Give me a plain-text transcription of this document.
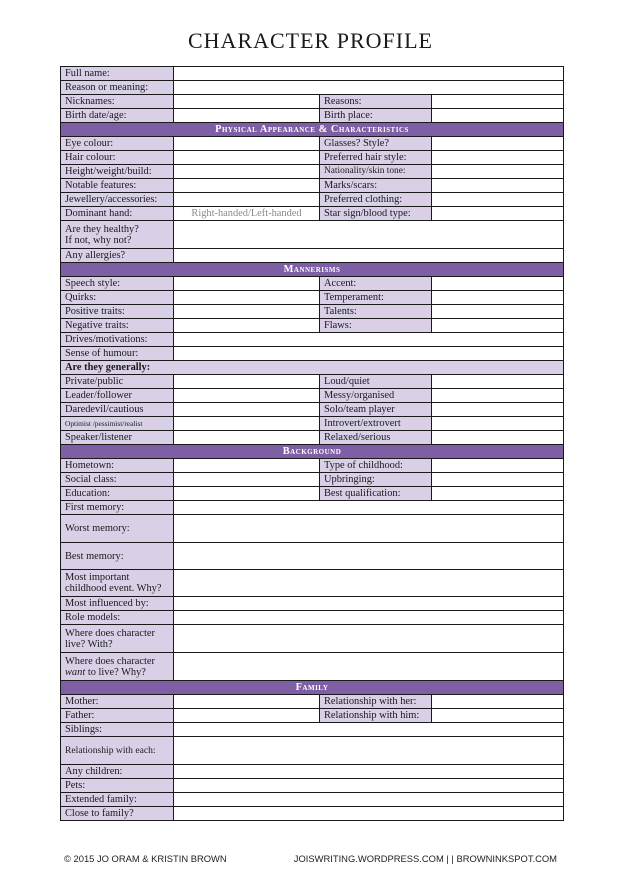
CHARACTER PROFILE
Full name:			
Reason or meaning:			
Nicknames:		Reasons:	
Birth date/age:		Birth place:	
Physical Appearance & Characteristics			
Eye colour:		Glasses? Style?	
Hair colour:		Preferred hair style:	
Height/weight/build:		Nationality/skin tone:	
Notable features:		Marks/scars:	
Jewellery/accessories:		Preferred clothing:	
Dominant hand:	Right-handed/Left-handed	Star sign/blood type:	
Are they healthy?
If not, why not?			
Any allergies?			
Mannerisms			
Speech style:		Accent:	
Quirks:		Temperament:	
Positive traits:		Talents:	
Negative traits:		Flaws:	
Drives/motivations:			
Sense of humour:			
Are they generally:			
Private/public		Loud/quiet	
Leader/follower		Messy/organised	
Daredevil/cautious		Solo/team player	
Optimist /pessimist/realist		Introvert/extrovert	
Speaker/listener		Relaxed/serious	
Background			
Hometown:		Type of childhood:	
Social class:		Upbringing:	
Education:		Best qualification:	
First memory:			
Worst memory:			
Best memory:			
Most important
childhood event. Why?			
Most influenced by:			
Role models:			
Where does character
live? With?			
Where does character
want to live? Why?			
Family			
Mother:		Relationship with her:	
Father:		Relationship with him:	
Siblings:			
Relationship with each:			
Any children:			
Pets:			
Extended family:			
Close to family?			
© 2015 JO ORAM & KRISTIN BROWN	JOISWRITING.WORDPRESS.COM | | BROWNINKSPOT.COM
